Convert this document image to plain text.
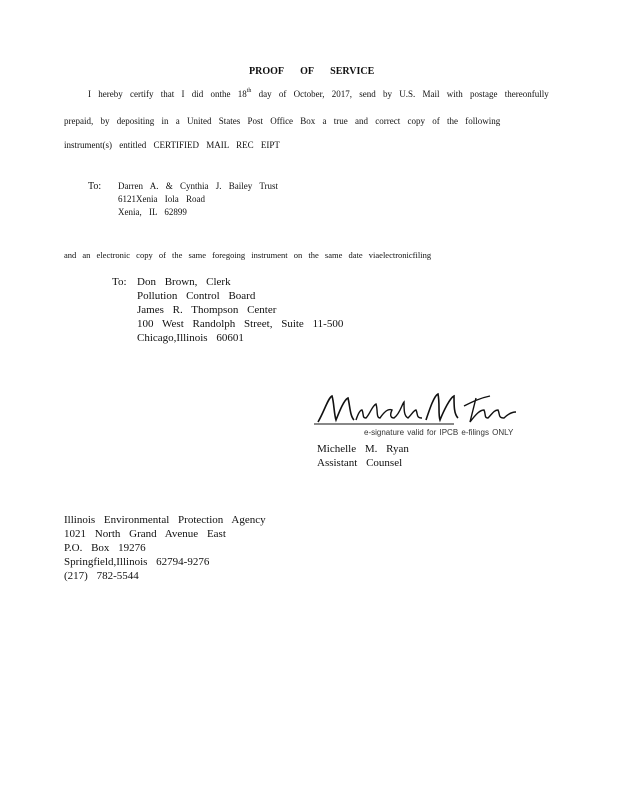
PROOF OF SERVICE
I hereby certify that I did onthe 18th day of October, 2017, send by U.S. Mail with postage thereonfully
prepaid, by depositing in a United States Post Office Box a true and correct copy of the following
instrument(s) entitled CERTIFIED MAIL REC EIPT
To: Darren A. & Cynthia J. Bailey Trust
6121Xenia Iola Road
Xenia, IL 62899
and an electronic copy of the same foregoing instrument on the same date viaelectronicfiling
To: Don Brown, Clerk
Pollution Control Board
James R. Thompson Center
100 West Randolph Street, Suite 11-500
Chicago,Illinois 60601
e-signature valid for IPCB e-filings ONLY
Michelle M. Ryan
Assistant Counsel
Illinois Environmental Protection Agency
1021 North Grand Avenue East
P.O. Box 19276
Springfield,Illinois 62794-9276
(217) 782-5544
